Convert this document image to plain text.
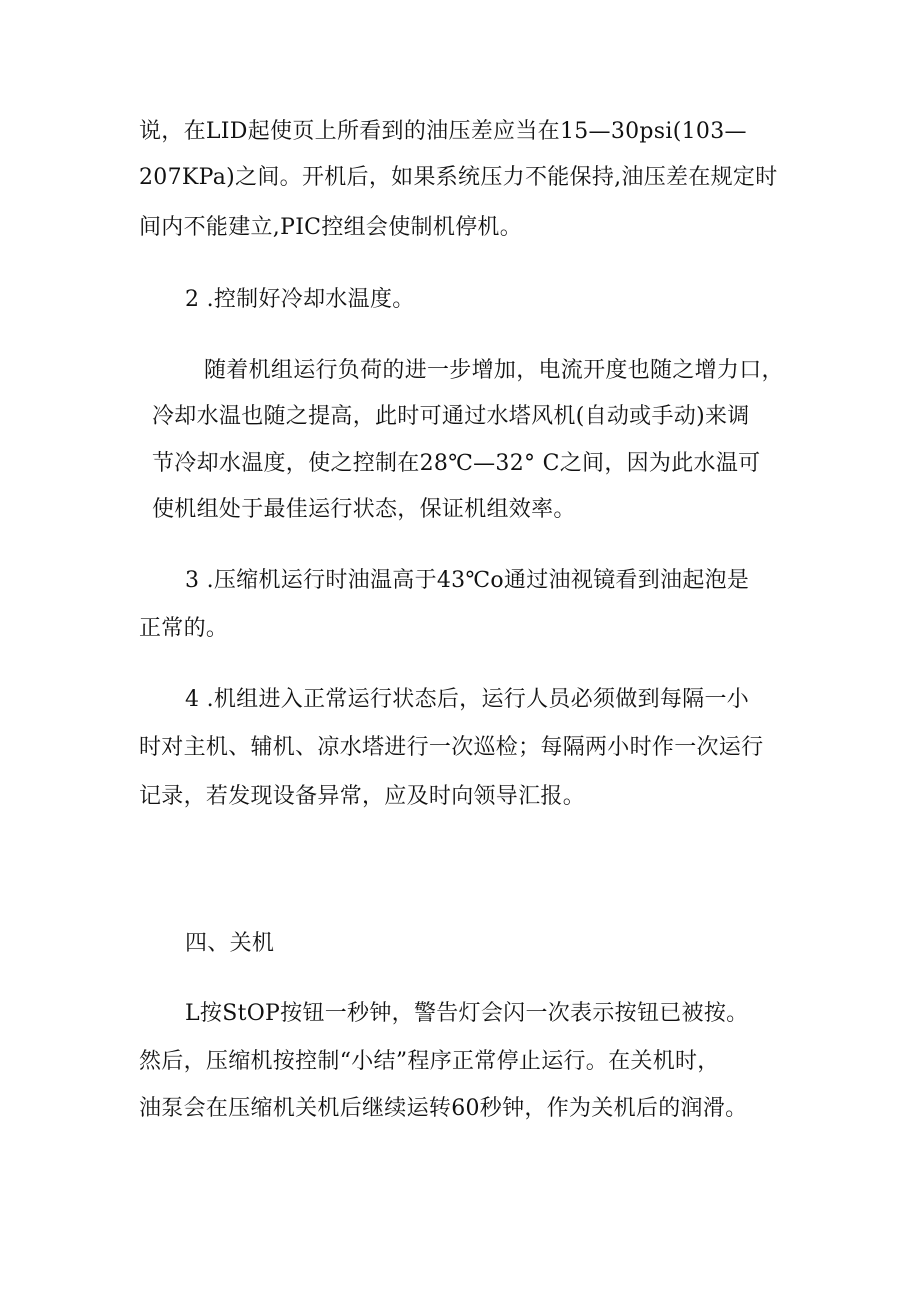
说，在LID起使页上所看到的油压差应当在15—30psi(103—
207KPa)之间。开机后，如果系统压力不能保持,油压差在规定时
间内不能建立,PIC控组会使制机停机。
2 .控制好冷却水温度。
随着机组运行负荷的进一步增加，电流开度也随之增力口，
冷却水温也随之提高，此时可通过水塔风机(自动或手动)来调
节冷却水温度，使之控制在28℃—32° C之间，因为此水温可
使机组处于最佳运行状态，保证机组效率。
3 .压缩机运行时油温高于43℃o通过油视镜看到油起泡是
正常的。
4 .机组进入正常运行状态后，运行人员必须做到每隔一小
时对主机、辅机、凉水塔进行一次巡检；每隔两小时作一次运行
记录，若发现设备异常，应及时向领导汇报。
四、关机
L按StOP按钮一秒钟，警告灯会闪一次表示按钮已被按。
然后，压缩机按控制“小结”程序正常停止运行。在关机时，
油泵会在压缩机关机后继续运转60秒钟，作为关机后的润滑。
